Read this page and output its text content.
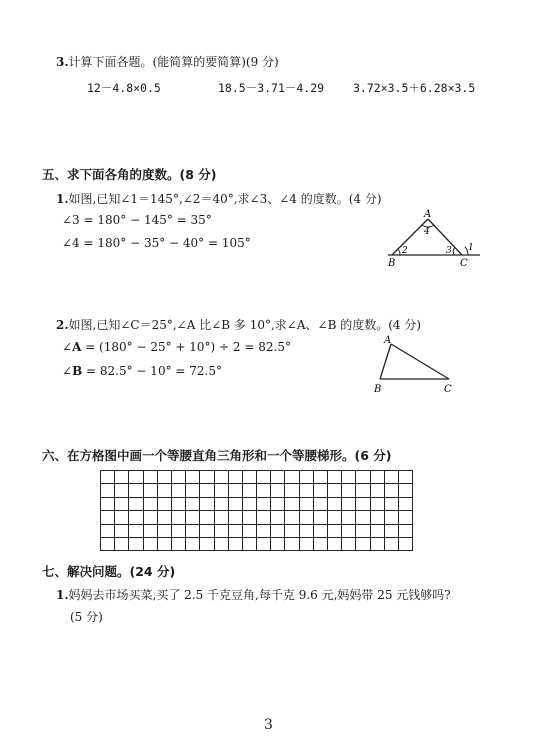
3.计算下面各题。(能简算的要简算)(9 分)
12－4.8×0.5	18.5－3.71－4.29	3.72×3.5＋6.28×3.5
五、求下面各角的度数。(8 分)
1.如图,已知∠1＝145°,∠2＝40°,求∠3、∠4 的度数。(4 分)
∠3 = 180° − 145° = 35°
∠4 = 180° − 35° − 40° = 105°
A
B	C
4
2	3 1
2.如图,已知∠C＝25°,∠A 比∠B 多 10°,求∠A、∠B 的度数。(4 分)
∠A = (180° − 25° + 10°) ÷ 2 = 82.5°
∠B = 82.5° − 10° = 72.5°
A
B	C
六、在方格图中画一个等腰直角三角形和一个等腰梯形。(6 分)

七、解决问题。(24 分)
1.妈妈去市场买菜,买了 2.5 千克豆角,每千克 9.6 元,妈妈带 25 元钱够吗?
(5 分)
3
